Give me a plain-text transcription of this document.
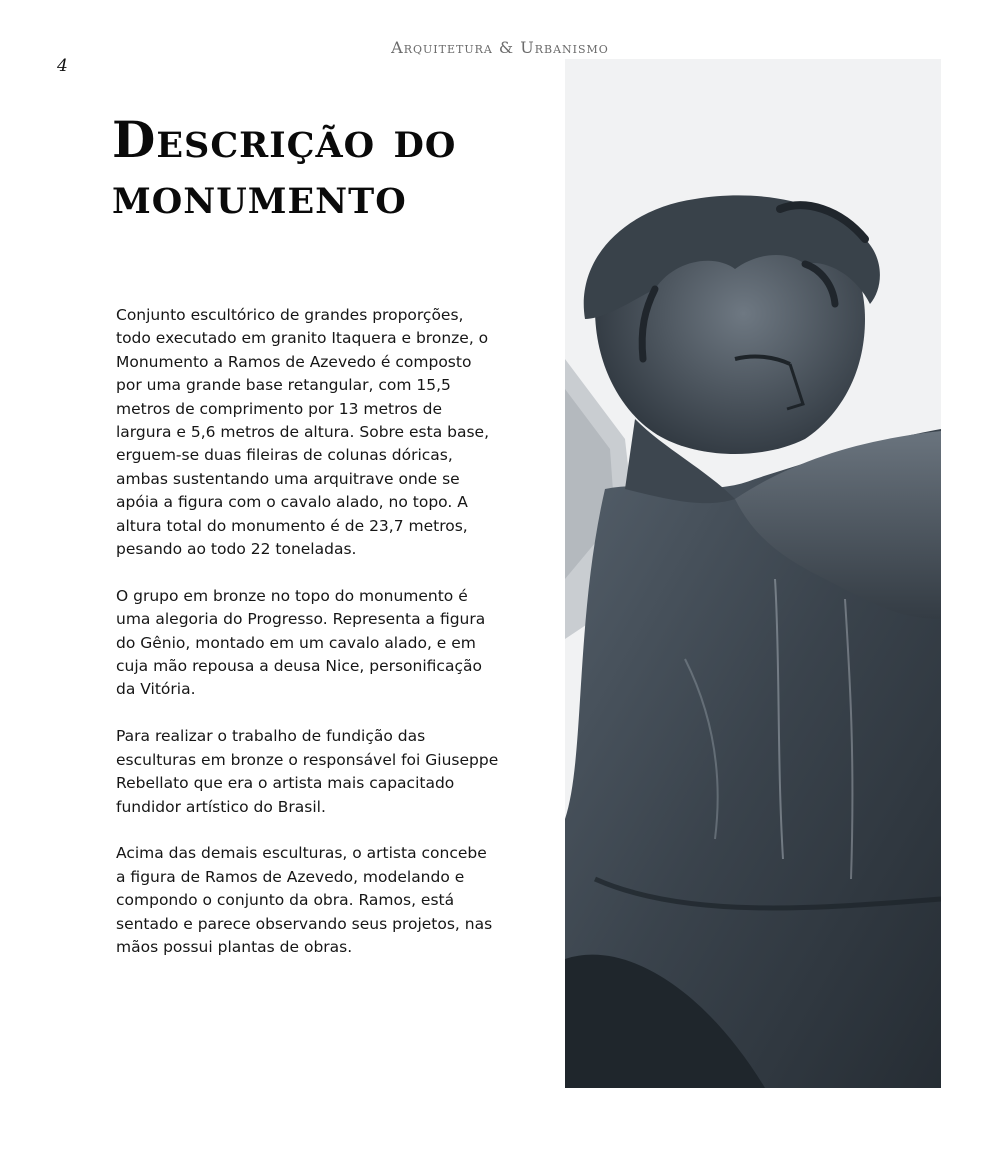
Arquitetura & Urbanismo
4
Descrição do monumento

Conjunto escultórico de grandes proporções, todo executado em granito Itaquera e bronze, o Monumento a Ramos de Azevedo é composto por uma grande base retangular, com 15,5 metros de comprimento por 13 metros de largura e 5,6 metros de altura. Sobre esta base, erguem-se duas fileiras de colunas dóricas, ambas sustentando uma arquitrave onde se apóia a figura com o cavalo alado, no topo. A altura total do monumento é de 23,7 metros, pesando ao todo 22 toneladas.

O grupo em bronze no topo do monumento é uma alegoria do Progresso. Representa a figura do Gênio, montado em um cavalo alado, e em cuja mão repousa a deusa Nice, personificação da Vitória.

Para realizar o trabalho de fundição das esculturas em bronze o responsável foi Giuseppe Rebellato que era o artista mais capacitado fundidor artístico do Brasil.

Acima das demais esculturas, o artista concebe a figura de Ramos de Azevedo, modelando e compondo o conjunto da obra. Ramos, está sentado e parece observando seus projetos, nas mãos possui plantas de obras.
